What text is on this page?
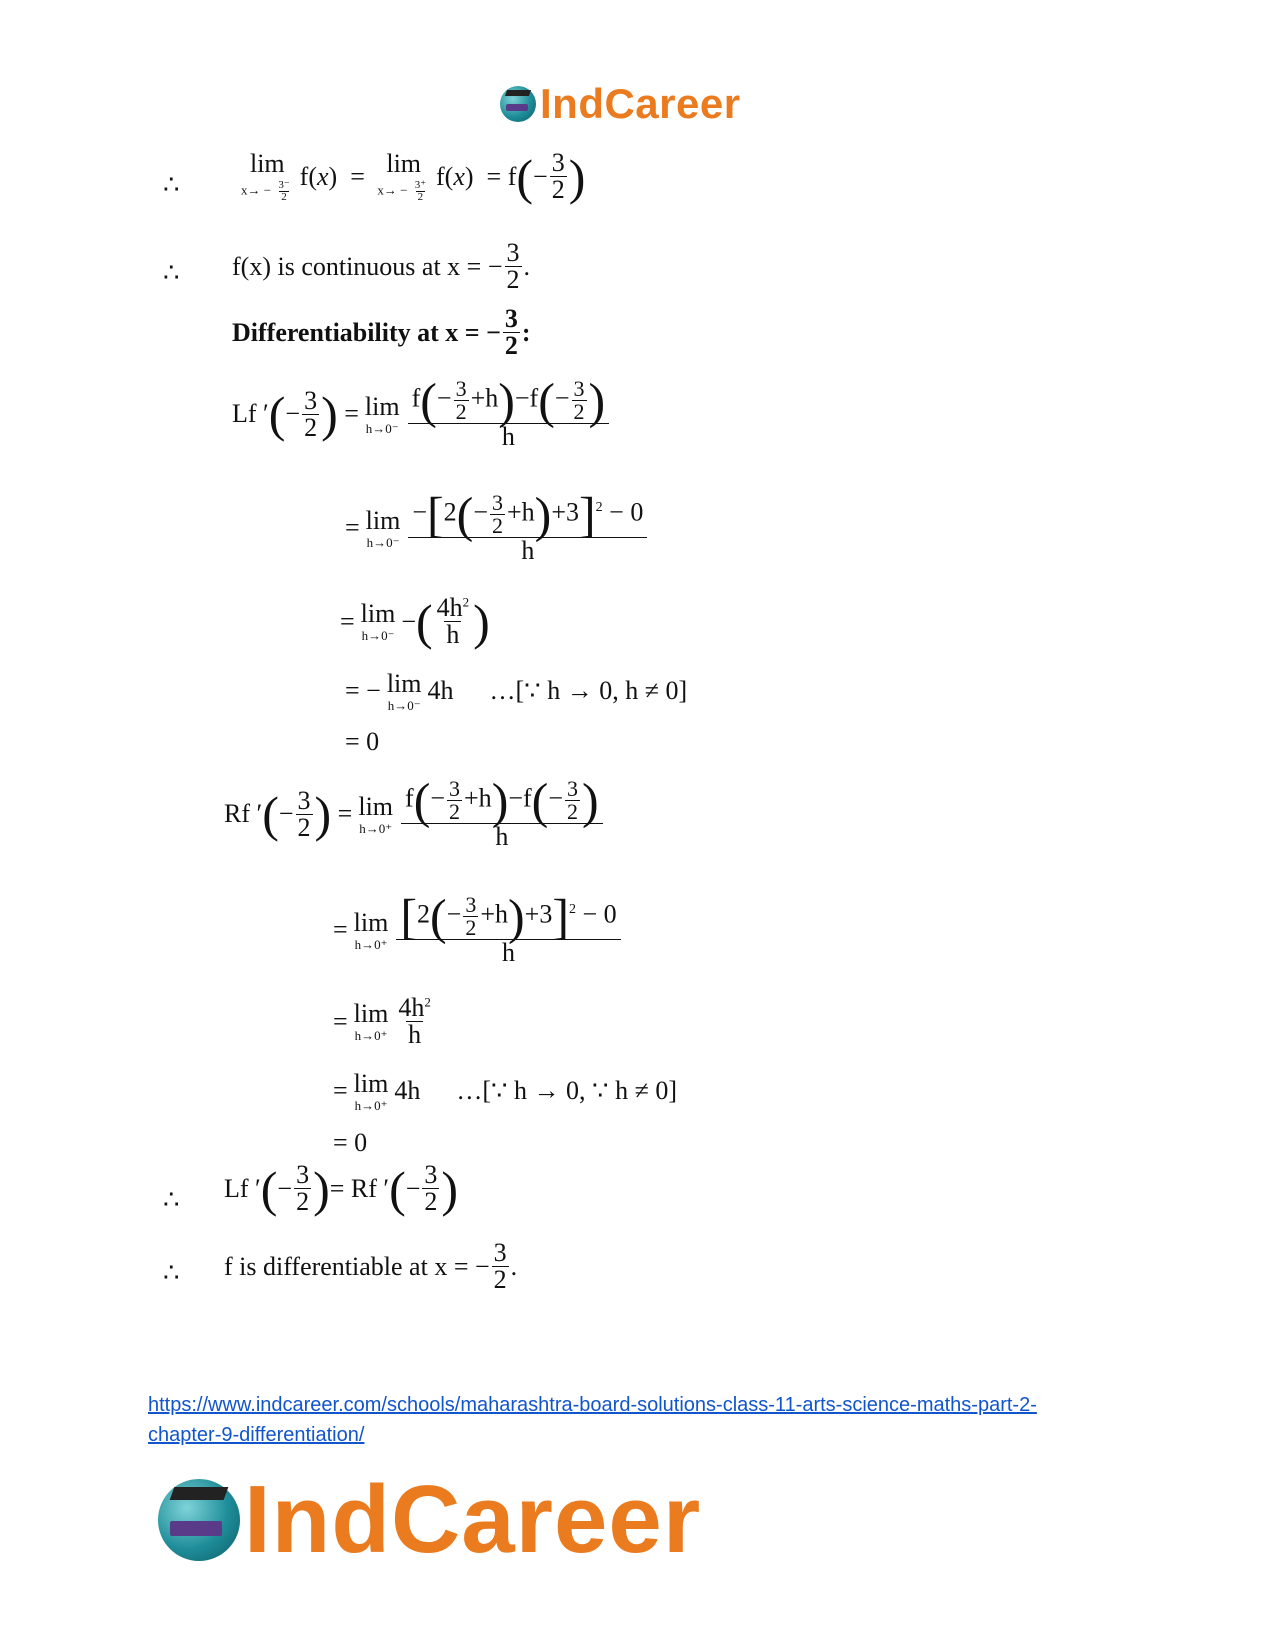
IndCareer
∴
lim
$x\to - \frac{3^-}{2}$
f(x)  = lim
$x\to - \frac{3^+}{2}$
f(x)  = f ( − $\frac{3}{2}$ )
∴ f(x) is continuous at x = − $\frac{3}{2}$ .
Differentiability at x = − $\frac{3}{2}$ :
Lf ′ ( − $\frac{3}{2}$ ) = lim
$h\to 0^- \frac{f(- \frac{3}{2} +h)-f(- \frac{3}{2} )}{h}$
= lim
$h\to 0^- \frac{-[2(- \frac{3}{2} +h)+3]^2 - 0}{h}$
= lim
h→0⁻
− ( $\frac{4h^2}{h}$ )
= − lim
h→0⁻
4h …[∵ h → 0, h ≠ 0]
= 0
Rf ′ ( − $\frac{3}{2}$ ) = lim
$h\to 0^+ \frac{f(- \frac{3}{2} +h)-f(- \frac{3}{2} )}{h}$
= lim
$h\to 0^+ \frac{[2(- \frac{3}{2} +h)+3]^2 - 0}{h}$
= lim
$h\to 0^+ \frac{4h^2}{h}$
= lim
h→0⁺
4h …[∵ h → 0, ∵ h ≠ 0]
= 0
∴ Lf ′ ( − $\frac{3}{2}$ ) = Rf ′ ( − $\frac{3}{2}$ )
∴ f is differentiable at x = − $\frac{3}{2}$ .
https://www.indcareer.com/schools/maharashtra-board-solutions-class-11-arts-science-maths-part-2-chapter-9-differentiation/
IndCareer
